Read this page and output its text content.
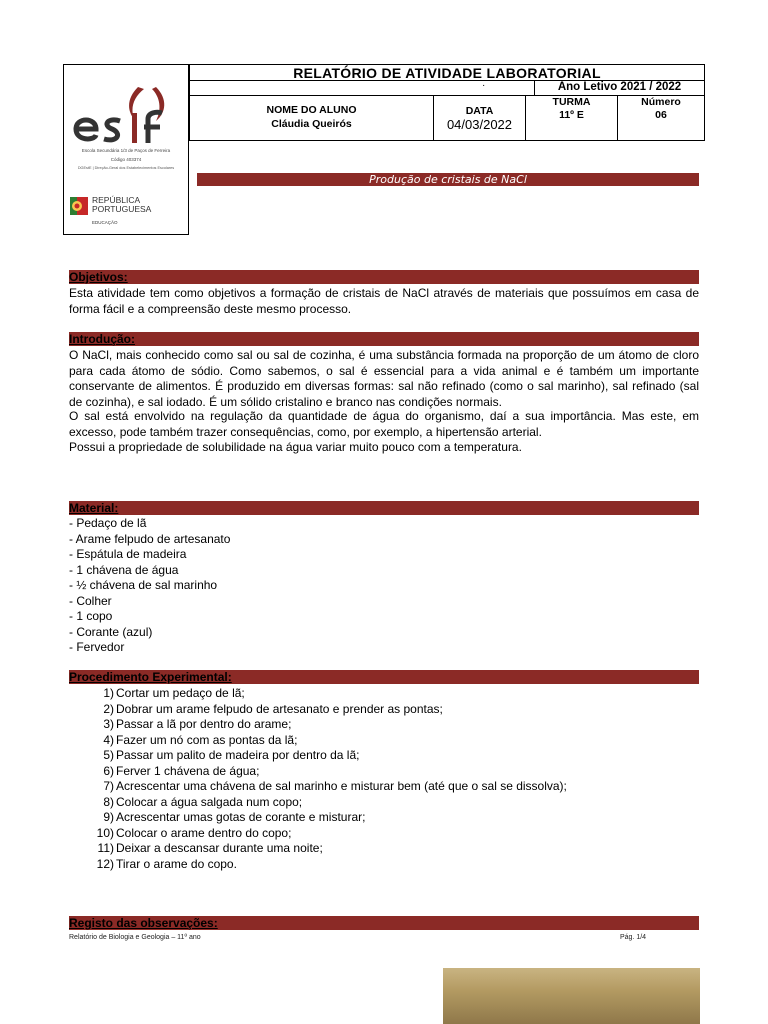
Escola Secundária 1/3 de Paços de Ferreira
Código 403374
DGEstE | Direção-Geral dos Estabelecimentos Escolares
REPÚBLICA
PORTUGUESA
EDUCAÇÃO
RELATÓRIO DE ATIVIDADE LABORATORIAL
·	Ano Letivo 2021 / 2022
NOME DO ALUNO
Cláudia Queirós
DATA
04/03/2022
TURMA
11º E
Número
06
Produção de cristais de NaCl
Objetivos:
Esta atividade tem como objetivos a formação de cristais de NaCl através de materiais que possuímos em casa de forma fácil e a compreensão deste mesmo processo.
Introdução:
O NaCl, mais conhecido como sal ou sal de cozinha, é uma substância formada na proporção de um átomo de cloro para cada átomo de sódio. Como sabemos, o sal é essencial para a vida animal e é também um importante conservante de alimentos. É produzido em diversas formas: sal não refinado (como o sal marinho), sal refinado (sal de cozinha), e sal iodado. É um sólido cristalino e branco nas condições normais.
O sal está envolvido na regulação da quantidade de água do organismo, daí a sua importância. Mas este, em excesso, pode também trazer consequências, como, por exemplo, a hipertensão arterial.
Possui a propriedade de solubilidade na água variar muito pouco com a temperatura.
Material:
- Pedaço de lã
- Arame felpudo de artesanato
- Espátula de madeira
- 1 chávena de água
- ½ chávena de sal marinho
- Colher
- 1 copo
- Corante (azul)
- Fervedor
Procedimento Experimental:
1) Cortar um pedaço de lã;
2) Dobrar um arame felpudo de artesanato e prender as pontas;
3) Passar a lã por dentro do arame;
4) Fazer um nó com as pontas da lã;
5) Passar um palito de madeira por dentro da lã;
6) Ferver 1 chávena de água;
7) Acrescentar uma chávena de sal marinho e misturar bem (até que o sal se dissolva);
8) Colocar a água salgada num copo;
9) Acrescentar umas gotas de corante e misturar;
10) Colocar o arame dentro do copo;
11) Deixar a descansar durante uma noite;
12) Tirar o arame do copo.
Registo das observações:
Relatório de Biologia e Geologia – 11º ano	Pág. 1/4
